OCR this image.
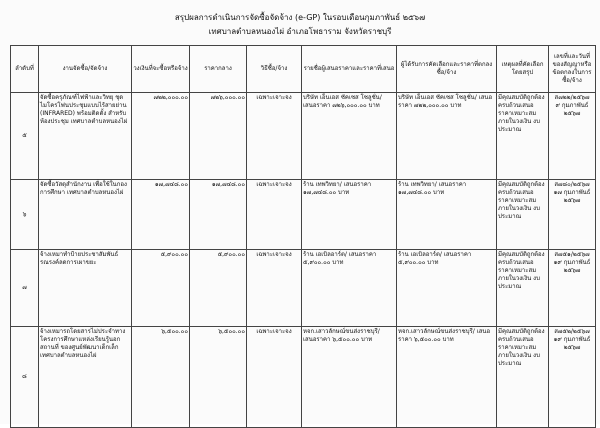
สรุปผลการดำเนินการจัดซื้อจัดจ้าง (e-GP) ในรอบเดือนกุมภาพันธ์ ๒๕๖๗
เทศบาลตำบลหนองไผ่ อำเภอโพธาราม จังหวัดราชบุรี
ลำดับที่	งานจัดซื้อ/จัดจ้าง	วงเงินที่จะซื้อหรือจ้าง	ราคากลาง	วิธีซื้อ/จ้าง	รายชื่อผู้เสนอราคาและราคาที่เสนอ	ผู้ได้รับการคัดเลือกและราคาที่ตกลงซื้อ/จ้าง	เหตุผลที่คัดเลือกโดยสรุป	เลขที่และวันที่ของสัญญาหรือข้อตกลงในการซื้อ/จ้าง
๕	จัดซื้อครุภัณฑ์ไฟฟ้าและวิทยุ ชุดไมโครโฟนประชุมแบบไร้สายย่าน (INFRARED) พร้อมติดตั้ง สำหรับห้องประชุม เทศบาลตำบลหนองไผ่	๗๒๒,๐๐๐.๐๐	๗๒๖,๐๐๐.๐๐	เฉพาะเจาะจง	บริษัท เอ็นเอส ซัคเซส โซลูชั่น/ เสนอราคา ๗๒๖,๐๐๐.๐๐ บาท	บริษัท เอ็นเอส ซัคเซส โซลูชั่น/ เสนอราคา ๗๒๒,๐๐๐.๐๐ บาท	มีคุณสมบัติถูกต้อง ครบถ้วนเสนอ ราคาเหมาะสม ภายในวงเงิน งบประมาณ	ส๗๒๒/๒๕๖๗
๙ กุมภาพันธ์
๒๕๖๗
๖	จัดซื้อวัสดุสำนักงาน เพื่อใช้ในกองการศึกษา เทศบาลตำบลหนองไผ่	๑๗,๗๔๘.๐๐	๑๗,๗๔๘.๐๐	เฉพาะเจาะจง	ร้าน เทพวิทยา/ เสนอราคา ๑๗,๗๔๘.๐๐ บาท	ร้าน เทพวิทยา/ เสนอราคา ๑๗,๗๔๘.๐๐ บาท	มีคุณสมบัติถูกต้อง ครบถ้วนเสนอ ราคาเหมาะสม ภายในวงเงิน งบประมาณ	ส๗๘๐/๒๕๖๗
๑๗ กุมภาพันธ์
๒๕๖๗
๗	จ้างเหมาทำป้ายประชาสัมพันธ์ รณรงค์ลดการเผาขยะ	๕,๙๐๐.๐๐	๕,๙๐๐.๐๐	เฉพาะเจาะจง	ร้าน เอเบิลอาร์ต/ เสนอราคา ๕,๙๐๐.๐๐ บาท	ร้าน เอเบิลอาร์ต/ เสนอราคา ๕,๙๐๐.๐๐ บาท	มีคุณสมบัติถูกต้อง ครบถ้วนเสนอ ราคาเหมาะสม ภายในวงเงิน งบประมาณ	ส๗๕๑/๒๕๖๗
๑๙ กุมภาพันธ์
๒๕๖๗
๘	จ้างเหมารถโดยสารไม่ประจำทาง โครงการศึกษาแหล่งเรียนรู้นอก สถานที่ ของศูนย์พัฒนาเด็กเล็ก เทศบาลตำบลหนองไผ่	๖,๕๐๐.๐๐	๖,๕๐๐.๐๐	เฉพาะเจาะจง	หจก.เสาวลักษณ์ขนส่งราชบุรี/ เสนอราคา ๖,๕๐๐.๐๐ บาท	หจก.เสาวลักษณ์ขนส่งราชบุรี/ เสนอราคา ๖,๕๐๐.๐๐ บาท	มีคุณสมบัติถูกต้อง ครบถ้วนเสนอ ราคาเหมาะสม ภายในวงเงิน งบประมาณ	ส๗๕๒/๒๕๖๗
๑๙ กุมภาพันธ์
๒๕๖๗
